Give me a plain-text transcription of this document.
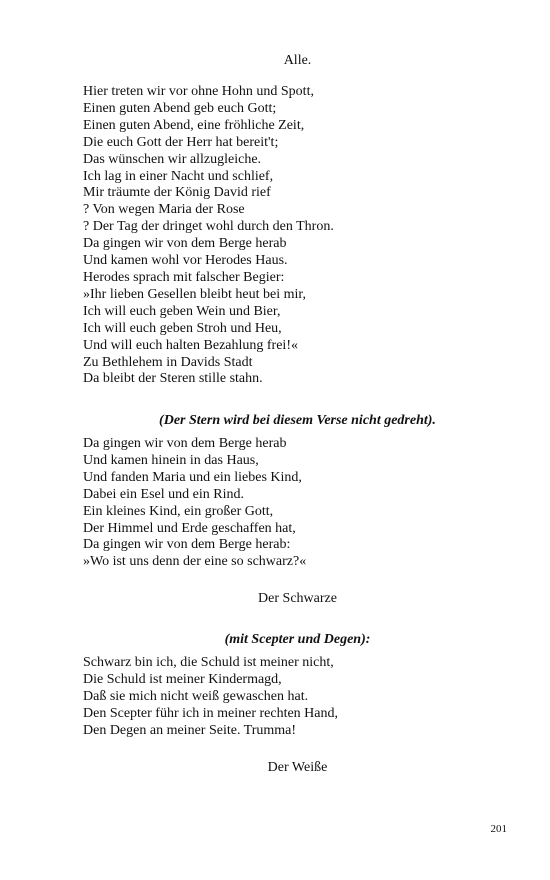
Alle.
Hier treten wir vor ohne Hohn und Spott,
Einen guten Abend geb euch Gott;
Einen guten Abend, eine fröhliche Zeit,
Die euch Gott der Herr hat bereit't;
Das wünschen wir allzugleiche.
Ich lag in einer Nacht und schlief,
Mir träumte der König David rief
? Von wegen Maria der Rose
? Der Tag der dringet wohl durch den Thron.
Da gingen wir von dem Berge herab
Und kamen wohl vor Herodes Haus.
Herodes sprach mit falscher Begier:
»Ihr lieben Gesellen bleibt heut bei mir,
Ich will euch geben Wein und Bier,
Ich will euch geben Stroh und Heu,
Und will euch halten Bezahlung frei!«
Zu Bethlehem in Davids Stadt
Da bleibt der Steren stille stahn.
(Der Stern wird bei diesem Verse nicht gedreht).
Da gingen wir von dem Berge herab
Und kamen hinein in das Haus,
Und fanden Maria und ein liebes Kind,
Dabei ein Esel und ein Rind.
Ein kleines Kind, ein großer Gott,
Der Himmel und Erde geschaffen hat,
Da gingen wir von dem Berge herab:
»Wo ist uns denn der eine so schwarz?«
Der Schwarze
(mit Scepter und Degen):
Schwarz bin ich, die Schuld ist meiner nicht,
Die Schuld ist meiner Kindermagd,
Daß sie mich nicht weiß gewaschen hat.
Den Scepter führ ich in meiner rechten Hand,
Den Degen an meiner Seite. Trumma!
Der Weiße
201
